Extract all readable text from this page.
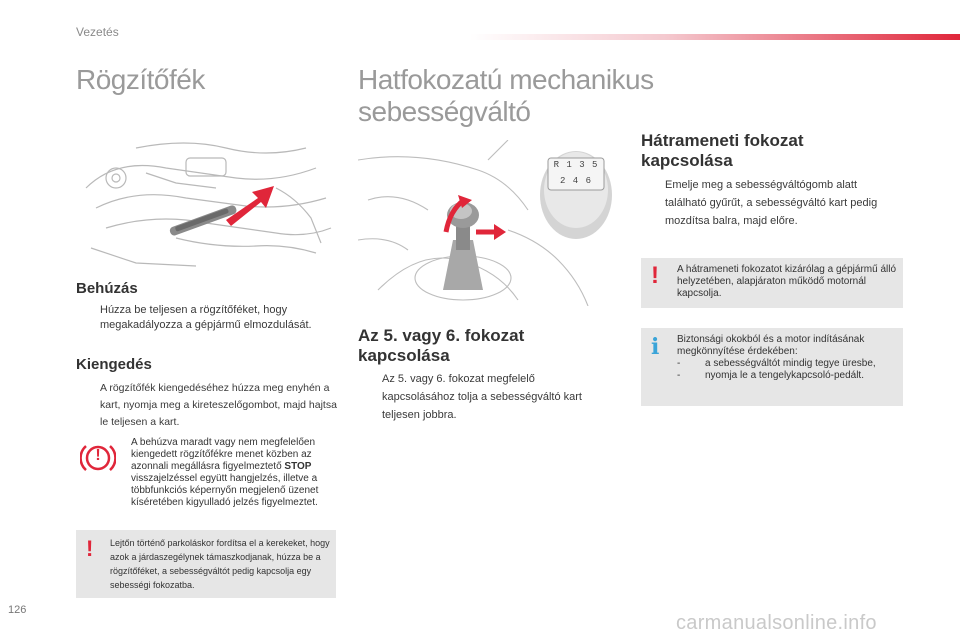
Vezetés
Rögzítőfék
Behúzás
Húzza be teljesen a rögzítőféket, hogy megakadályozza a gépjármű elmozdulását.
Kiengedés
A rögzítőfék kiengedéséhez húzza meg enyhén a kart, nyomja meg a kireteszelőgombot, majd hajtsa le teljesen a kart.
!
A behúzva maradt vagy nem megfelelően kiengedett rögzítőfékre menet közben az azonnali megállásra figyelmeztető STOP visszajelzéssel együtt hangjelzés, illetve a többfunkciós képernyőn megjelenő üzenet kíséretében kigyulladó jelzés figyelmeztet.
! Lejtőn történő parkoláskor fordítsa el a kerekeket, hogy azok a járdaszegélynek támaszkodjanak, húzza be a rögzítőféket, a sebességváltót pedig kapcsolja egy sebességi fokozatba.
Hatfokozatú mechanikus
sebességváltó
R 1 3 5
2 4 6
Az 5. vagy 6. fokozat
kapcsolása
Az 5. vagy 6. fokozat megfelelő kapcsolásához tolja a sebességváltó kart teljesen jobbra.
Hátrameneti fokozat
kapcsolása
Emelje meg a sebességváltógomb alatt található gyűrűt, a sebességváltó kart pedig mozdítsa balra, majd előre.
! A hátrameneti fokozatot kizárólag a gépjármű álló helyzetében, alapjáraton működő motornál kapcsolja.
i Biztonsági okokból és a motor indításának megkönnyítése érdekében:
- a sebességváltót mindig tegye üresbe,
- nyomja le a tengelykapcsoló-pedált.
126
carmanualsonline.info
